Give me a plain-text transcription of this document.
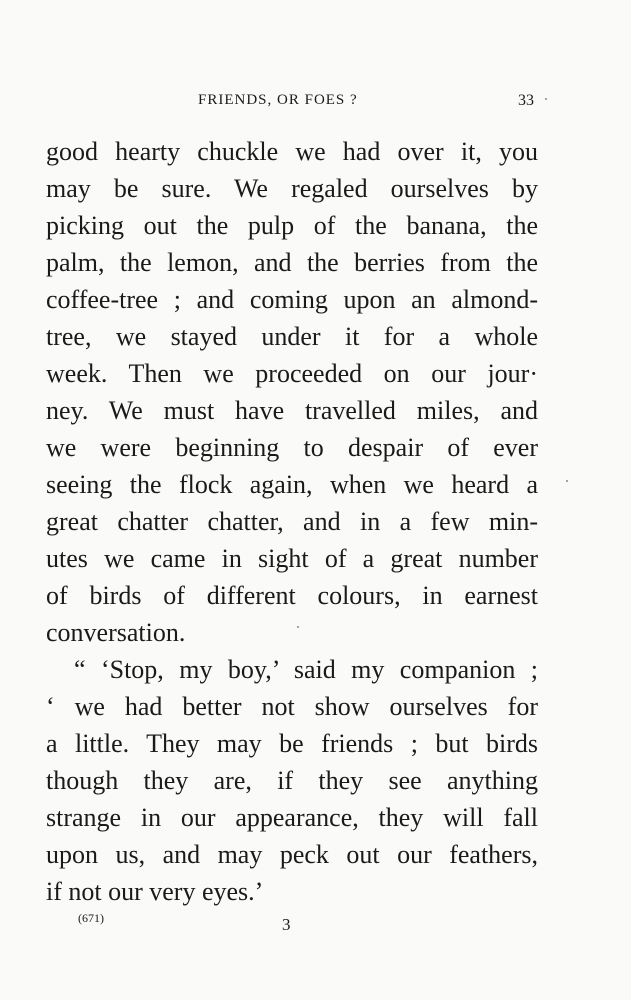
FRIENDS, OR FOES ?	33
good hearty chuckle we had over it, you
may be sure. We regaled ourselves by
picking out the pulp of the banana, the
palm, the lemon, and the berries from the
coffee-tree ; and coming upon an almond-
tree, we stayed under it for a whole
week. Then we proceeded on our jour·
ney. We must have travelled miles, and
we were beginning to despair of ever
seeing the flock again, when we heard a
great chatter chatter, and in a few min-
utes we came in sight of a great number
of birds of different colours, in earnest
conversation.
“ ‘Stop, my boy,’ said my companion ;
‘ we had better not show ourselves for
a little. They may be friends ; but birds
though they are, if they see anything
strange in our appearance, they will fall
upon us, and may peck out our feathers,
if not our very eyes.’
(671)	3
